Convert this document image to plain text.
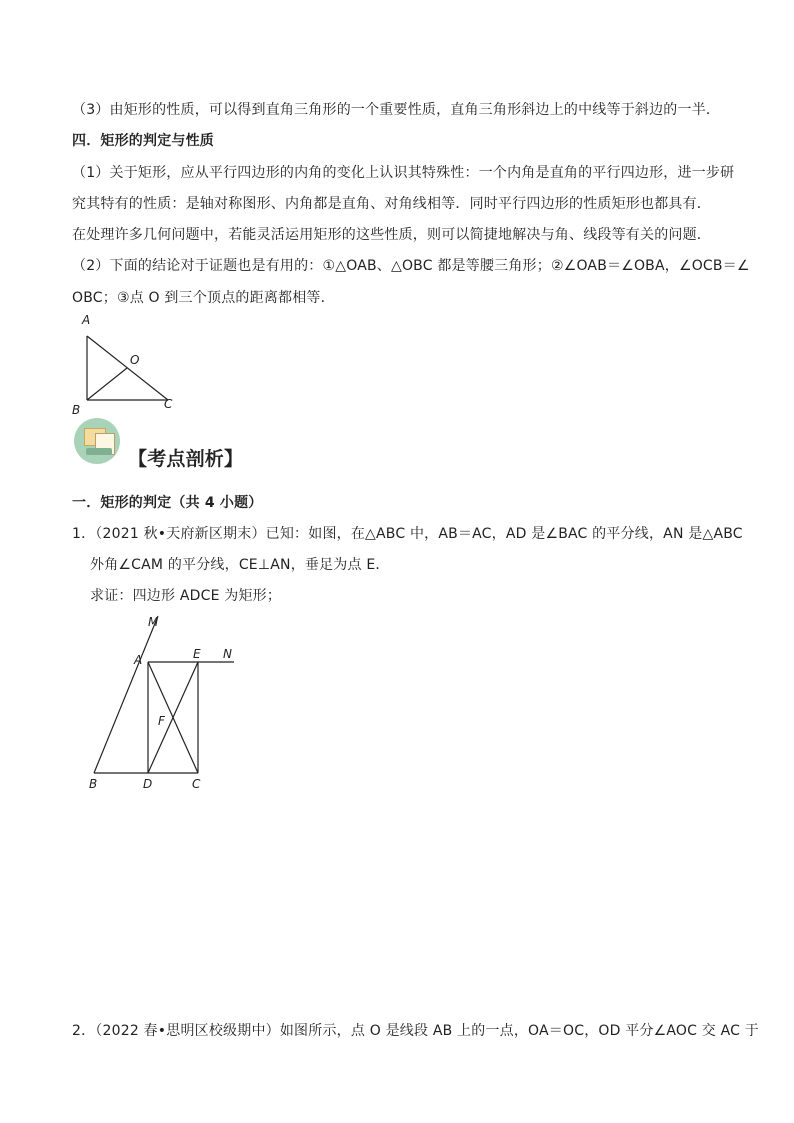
（3）由矩形的性质，可以得到直角三角形的一个重要性质，直角三角形斜边上的中线等于斜边的一半．
四．矩形的判定与性质
（1）关于矩形，应从平行四边形的内角的变化上认识其特殊性：一个内角是直角的平行四边形，进一步研
究其特有的性质：是轴对称图形、内角都是直角、对角线相等．同时平行四边形的性质矩形也都具有．
在处理许多几何问题中，若能灵活运用矩形的这些性质，则可以简捷地解决与角、线段等有关的问题．
（2）下面的结论对于证题也是有用的：①△OAB、△OBC 都是等腰三角形；②∠OAB＝∠OBA，∠OCB＝∠
OBC；③点 O 到三个顶点的距离都相等．
A
O
B	C
【考点剖析】
一．矩形的判定（共 4 小题）
1．（2021 秋•天府新区期末）已知：如图，在△ABC 中，AB＝AC，AD 是∠BAC 的平分线，AN 是△ABC
外角∠CAM 的平分线，CE⊥AN，垂足为点 E．
求证：四边形 ADCE 为矩形；
M
A	E N
F
B	D	C
2．（2022 春•思明区校级期中）如图所示，点 O 是线段 AB 上的一点，OA＝OC，OD 平分∠AOC 交 AC 于
